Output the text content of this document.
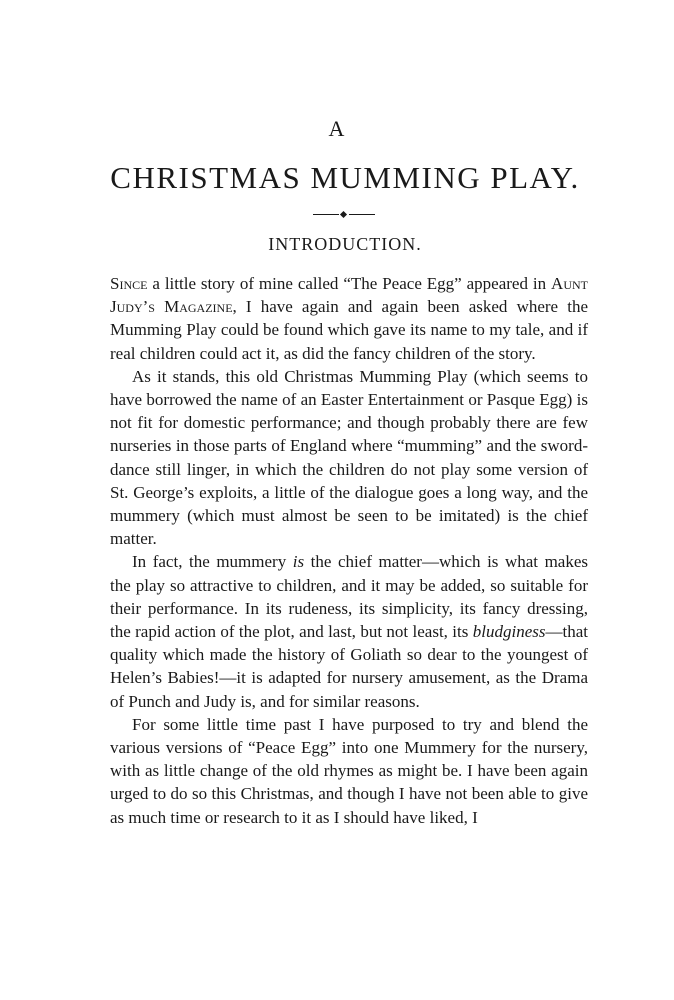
A
CHRISTMAS MUMMING PLAY.
INTRODUCTION.

Since a little story of mine called “The Peace Egg” appeared in Aunt Judy’s Magazine, I have again and again been asked where the Mumming Play could be found which gave its name to my tale, and if real children could act it, as did the fancy children of the story.

As it stands, this old Christmas Mumming Play (which seems to have borrowed the name of an Easter Entertainment or Pasque Egg) is not fit for domestic performance; and though probably there are few nurseries in those parts of England where “mumming” and the sword-dance still linger, in which the children do not play some version of St. George’s exploits, a little of the dialogue goes a long way, and the mummery (which must almost be seen to be imitated) is the chief matter.

In fact, the mummery is the chief matter—which is what makes the play so attractive to children, and it may be added, so suitable for their performance. In its rudeness, its simplicity, its fancy dressing, the rapid action of the plot, and last, but not least, its bludginess—that quality which made the history of Goliath so dear to the youngest of Helen’s Babies!—it is adapted for nursery amusement, as the Drama of Punch and Judy is, and for similar reasons.

For some little time past I have purposed to try and blend the various versions of “Peace Egg” into one Mummery for the nursery, with as little change of the old rhymes as might be. I have been again urged to do so this Christmas, and though I have not been able to give as much time or research to it as I should have liked, I
